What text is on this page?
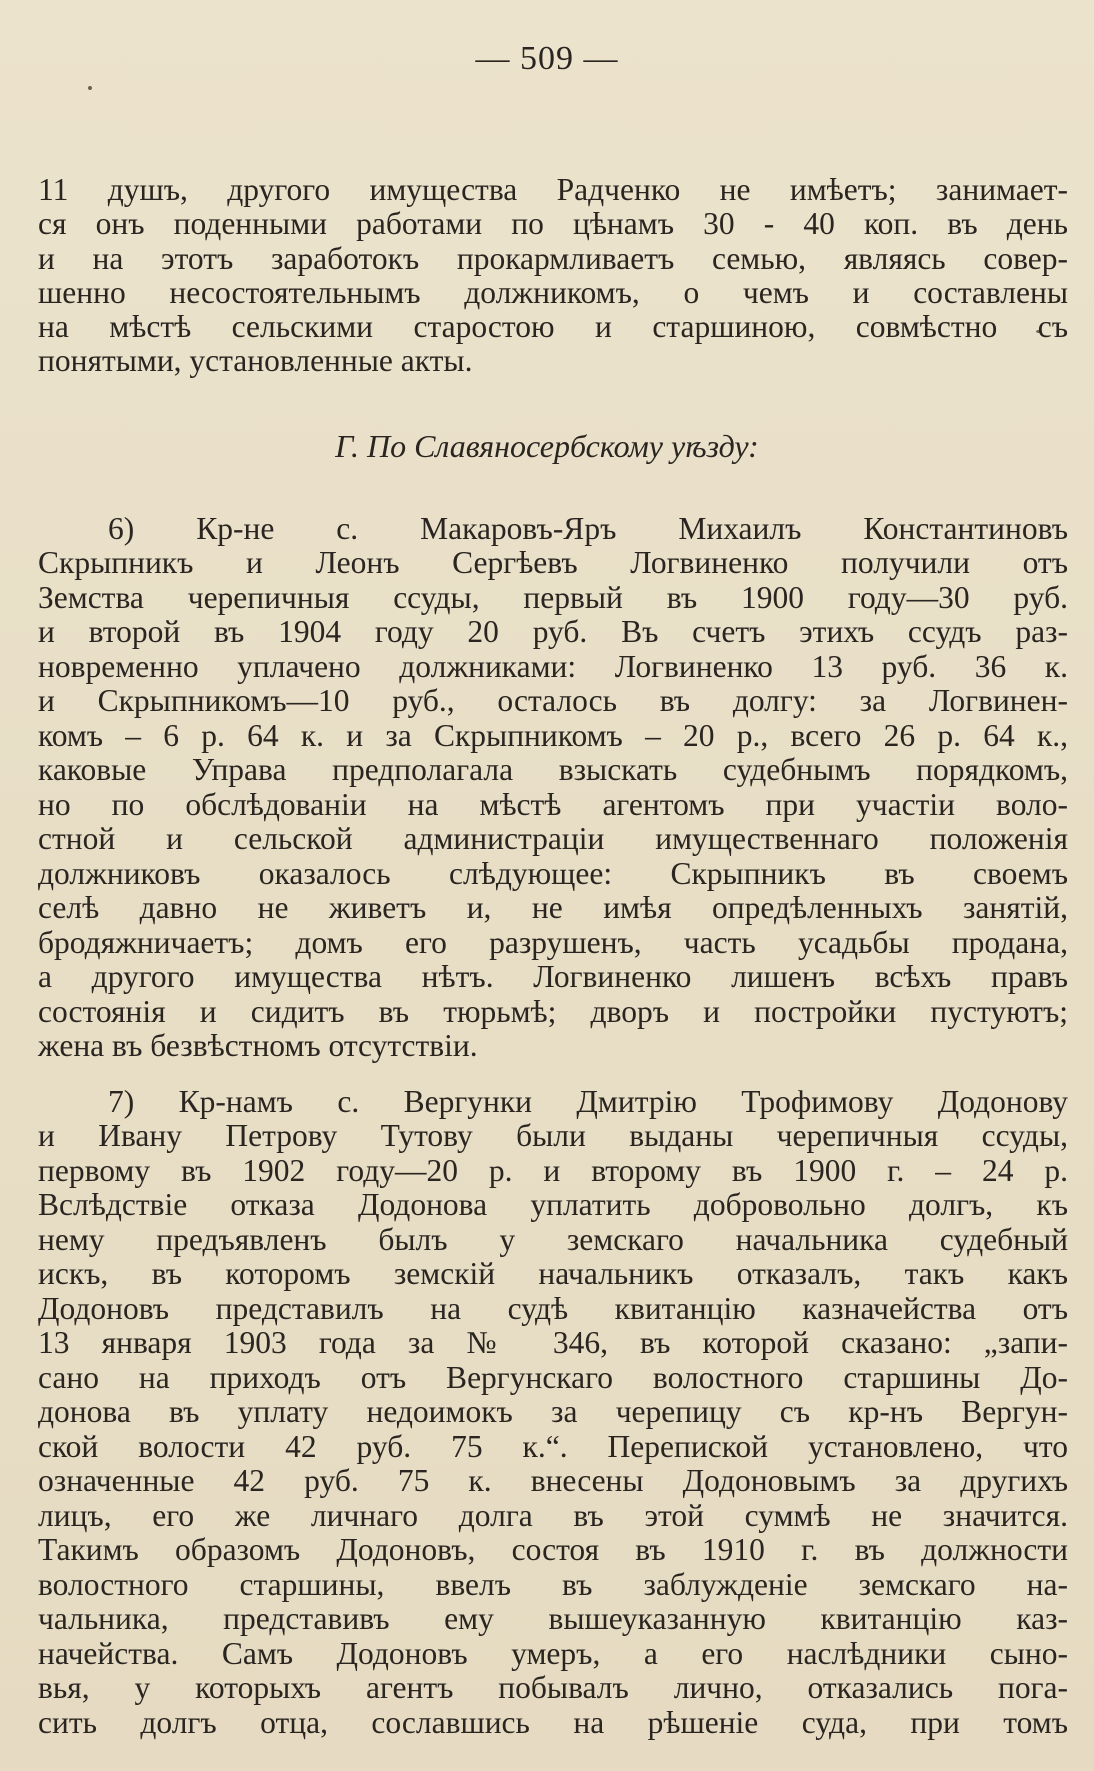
— 509 —
11 душъ, другого имущества Радченко не имѣетъ; занимает-
ся онъ поденными работами по цѣнамъ 30 - 40 коп. въ день
и на этотъ заработокъ прокармливаетъ семью, являясь совер-
шенно несостоятельнымъ должникомъ, о чемъ и составлены
на мѣстѣ сельскими старостою и старшиною, совмѣстно съ
понятыми, установленные акты.
Г. По Славяносербскому уѣзду:
6) Кр-не с. Макаровъ-Яръ Михаилъ Константиновъ
Скрыпникъ и Леонъ Сергѣевъ Логвиненко получили отъ
Земства черепичныя ссуды, первый въ 1900 году—30 руб.
и второй въ 1904 году 20 руб. Въ счетъ этихъ ссудъ раз-
новременно уплачено должниками: Логвиненко 13 руб. 36 к.
и Скрыпникомъ—10 руб., осталось въ долгу: за Логвинен-
комъ – 6 р. 64 к. и за Скрыпникомъ – 20 р., всего 26 р. 64 к.,
каковые Управа предполагала взыскать судебнымъ порядкомъ,
но по обслѣдованіи на мѣстѣ агентомъ при участіи воло-
стной и сельской администраціи имущественнаго положенія
должниковъ оказалось слѣдующее: Скрыпникъ въ своемъ
селѣ давно не живетъ и, не имѣя опредѣленныхъ занятій,
бродяжничаетъ; домъ его разрушенъ, часть усадьбы продана,
а другого имущества нѣтъ. Логвиненко лишенъ всѣхъ правъ
состоянія и сидитъ въ тюрьмѣ; дворъ и постройки пустуютъ;
жена въ безвѣстномъ отсутствіи.
7) Кр-намъ с. Вергунки Дмитрію Трофимову Додонову
и Ивану Петрову Тутову были выданы черепичныя ссуды,
первому въ 1902 году—20 р. и второму въ 1900 г. – 24 р.
Вслѣдствіе отказа Додонова уплатить добровольно долгъ, къ
нему предъявленъ былъ у земскаго начальника судебный
искъ, въ которомъ земскій начальникъ отказалъ, такъ какъ
Додоновъ представилъ на судѣ квитанцію казначейства отъ
13 января 1903 года за № 346, въ которой сказано: „запи-
сано на приходъ отъ Вергунскаго волостного старшины До-
донова въ уплату недоимокъ за черепицу съ кр-нъ Вергун-
ской волости 42 руб. 75 к.“. Перепиской установлено, что
означенные 42 руб. 75 к. внесены Додоновымъ за другихъ
лицъ, его же личнаго долга въ этой суммѣ не значится.
Такимъ образомъ Додоновъ, состоя въ 1910 г. въ должности
волостного старшины, ввелъ въ заблужденіе земскаго на-
чальника, представивъ ему вышеуказанную квитанцію каз-
начейства. Самъ Додоновъ умеръ, а его наслѣдники сыно-
вья, у которыхъ агентъ побывалъ лично, отказались пога-
сить долгъ отца, сославшись на рѣшеніе суда, при томъ
